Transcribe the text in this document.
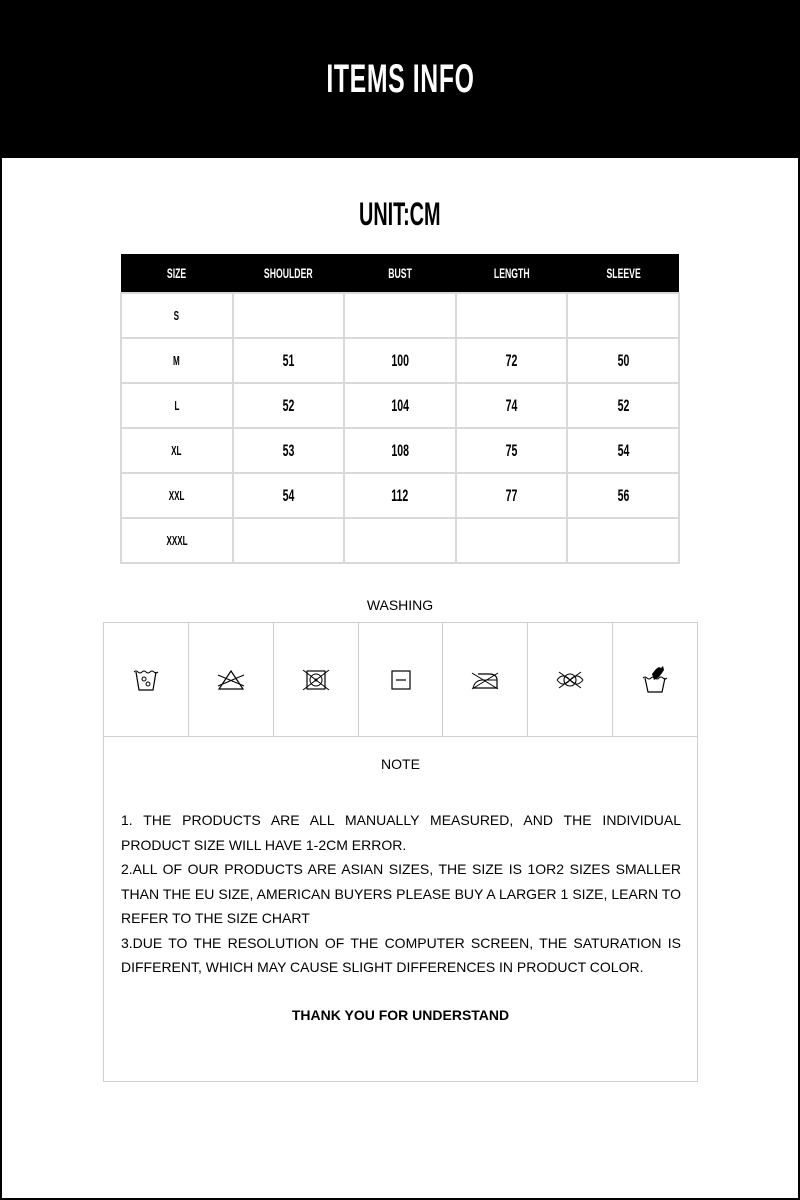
ITEMS INFO
UNIT:CM
SIZE	SHOULDER	BUST	LENGTH	SLEEVE
S				
M	51	100	72	50
L	52	104	74	52
XL	53	108	75	54
XXL	54	112	77	56
XXXL				
WASHING
NOTE

1. THE PRODUCTS ARE ALL MANUALLY MEASURED, AND THE INDIVIDUAL PRODUCT SIZE WILL HAVE 1-2CM ERROR.

2.ALL OF OUR PRODUCTS ARE ASIAN SIZES, THE SIZE IS 1OR2 SIZES SMALLER THAN THE EU SIZE, AMERICAN BUYERS PLEASE BUY A LARGER 1 SIZE, LEARN TO REFER TO THE SIZE CHART

3.DUE TO THE RESOLUTION OF THE COMPUTER SCREEN, THE SATURATION IS DIFFERENT, WHICH MAY CAUSE SLIGHT DIFFERENCES IN PRODUCT COLOR.

THANK YOU FOR UNDERSTAND
